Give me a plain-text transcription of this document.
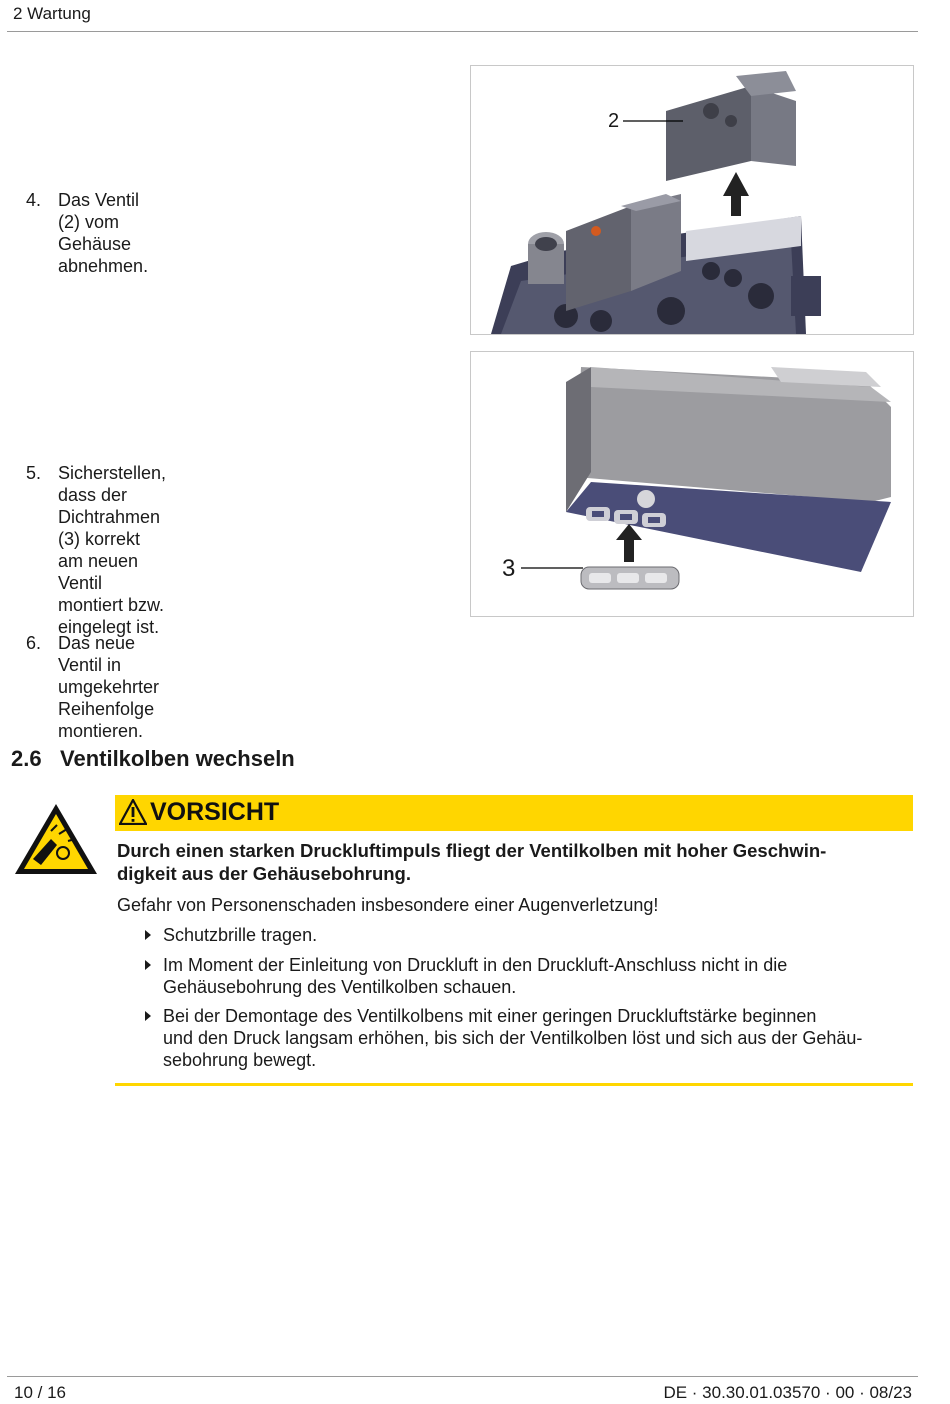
2 Wartung
4. Das Ventil (2) vom Gehäuse abnehmen.
2
5. Sicherstellen, dass der Dichtrahmen (3) korrekt
am neuen Ventil montiert bzw. eingelegt ist.
3
6. Das neue Ventil in umgekehrter Reihenfolge
montieren.
2.6 Ventilkolben wechseln
VORSICHT
Durch einen starken Druckluftimpuls fliegt der Ventilkolben mit hoher Geschwin-
digkeit aus der Gehäusebohrung.
Gefahr von Personenschaden insbesondere einer Augenverletzung!
Schutzbrille tragen.
Im Moment der Einleitung von Druckluft in den Druckluft-Anschluss nicht in die
Gehäusebohrung des Ventilkolben schauen.
Bei der Demontage des Ventilkolbens mit einer geringen Druckluftstärke beginnen
und den Druck langsam erhöhen, bis sich der Ventilkolben löst und sich aus der Gehäu-
sebohrung bewegt.
10 / 16	DE · 30.30.01.03570 · 00 · 08/23
